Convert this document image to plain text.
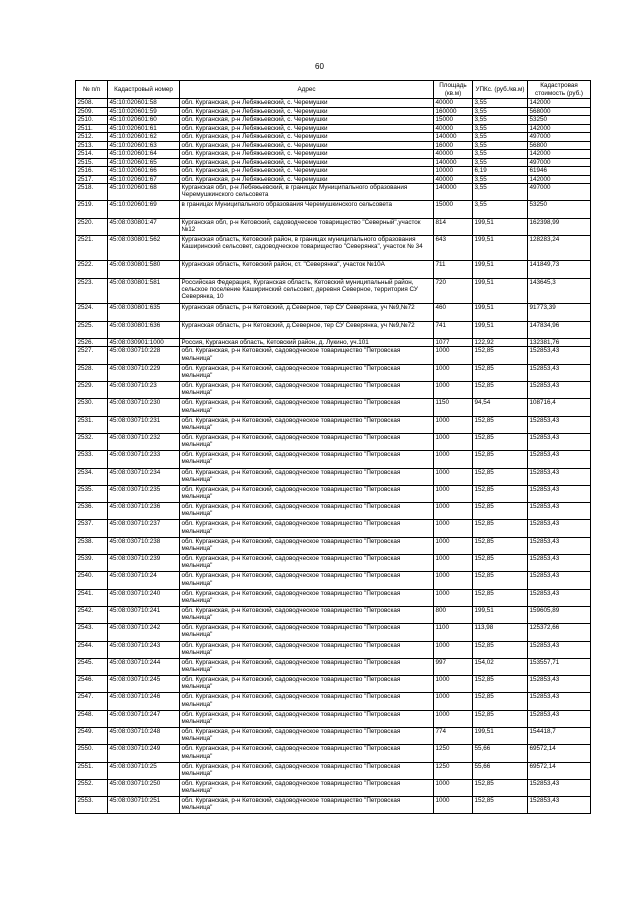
60
№ п/п	Кадастровый номер	Адрес	Площадь (кв.м)	УПКс. (руб./кв.м)	Кадастровая стоимость (руб.)
2508.	45:10:020601:58	обл. Курганская, р-н Лебяжьевский, с. Черемушки	40000	3,55	142000
2509.	45:10:020601:59	обл. Курганская, р-н Лебяжьевский, с. Черемушки	160000	3,55	568000
2510.	45:10:020601:60	обл. Курганская, р-н Лебяжьевский, с. Черемушки	15000	3,55	53250
2511.	45:10:020601:61	обл. Курганская, р-н Лебяжьевский, с. Черемушки	40000	3,55	142000
2512.	45:10:020601:62	обл. Курганская, р-н Лебяжьевский, с. Черемушки	140000	3,55	497000
2513.	45:10:020601:63	обл. Курганская, р-н Лебяжьевский, с. Черемушки	16000	3,55	56800
2514.	45:10:020601:64	обл. Курганская, р-н Лебяжьевский, с. Черемушки	40000	3,55	142000
2515.	45:10:020601:65	обл. Курганская, р-н Лебяжьевский, с. Черемушки	140000	3,55	497000
2516.	45:10:020601:66	обл. Курганская, р-н Лебяжьевский, с. Черемушки	10000	6,19	61946
2517.	45:10:020601:67	обл. Курганская, р-н Лебяжьевский, с. Черемушки	40000	3,55	142000
2518.	45:10:020601:68	Курганская обл, р-н Лебяжьевский, в границах Муниципального образования Черемушкинского сельсовета	140000	3,55	497000
2519.	45:10:020601:69	в границах Муниципального образования Черемушкинского сельсовета	15000	3,55	53250
2520.	45:08:030801:47	Курганская обл, р-н Кетовский, садоводческое товарищество "Северный",участок №12	814	199,51	162398,99
2521.	45:08:030801:562	Курганская область, Кетовский район, в границах муниципального образования Каширинский сельсовет, садоводческое товарищество "Северянка", участок № 34	643	199,51	128283,24
2522.	45:08:030801:580	Курганская область, Кетовский район, ст. "Северянка", участок №10А	711	199,51	141849,73
2523.	45:08:030801:581	Российская Федерация, Курганская область, Кетовский муниципальный район, сельское поселение Каширинский сельсовет, деревня Северное, территория СУ Северянка, 10	720	199,51	143645,3
2524.	45:08:030801:635	Курганская область, р-н Кетовский, д.Северное, тер СУ Северянка, уч №9,№72	460	199,51	91773,39
2525.	45:08:030801:636	Курганская область, р-н Кетовский, д.Северное, тер СУ Северянка, уч №9,№72	741	199,51	147834,96
2526.	45:08:030901:1000	Россия, Курганская область, Кетовский район, д. Лукино, уч.101	1077	122,92	132381,76
2527.	45:08:030710:228	обл. Курганская, р-н Кетовский, садоводческое товарищество "Петровская мельница"	1000	152,85	152853,43
2528.	45:08:030710:229	обл. Курганская, р-н Кетовский, садоводческое товарищество "Петровская мельница"	1000	152,85	152853,43
2529.	45:08:030710:23	обл. Курганская, р-н Кетовский, садоводческое товарищество "Петровская мельница"	1000	152,85	152853,43
2530.	45:08:030710:230	обл. Курганская, р-н Кетовский, садоводческое товарищество "Петровская мельница"	1150	94,54	108716,4
2531.	45:08:030710:231	обл. Курганская, р-н Кетовский, садоводческое товарищество "Петровская мельница"	1000	152,85	152853,43
2532.	45:08:030710:232	обл. Курганская, р-н Кетовский, садоводческое товарищество "Петровская мельница"	1000	152,85	152853,43
2533.	45:08:030710:233	обл. Курганская, р-н Кетовский, садоводческое товарищество "Петровская мельница"	1000	152,85	152853,43
2534.	45:08:030710:234	обл. Курганская, р-н Кетовский, садоводческое товарищество "Петровская мельница"	1000	152,85	152853,43
2535.	45:08:030710:235	обл. Курганская, р-н Кетовский, садоводческое товарищество "Петровская мельница"	1000	152,85	152853,43
2536.	45:08:030710:236	обл. Курганская, р-н Кетовский, садоводческое товарищество "Петровская мельница"	1000	152,85	152853,43
2537.	45:08:030710:237	обл. Курганская, р-н Кетовский, садоводческое товарищество "Петровская мельница"	1000	152,85	152853,43
2538.	45:08:030710:238	обл. Курганская, р-н Кетовский, садоводческое товарищество "Петровская мельница"	1000	152,85	152853,43
2539.	45:08:030710:239	обл. Курганская, р-н Кетовский, садоводческое товарищество "Петровская мельница"	1000	152,85	152853,43
2540.	45:08:030710:24	обл. Курганская, р-н Кетовский, садоводческое товарищество "Петровская мельница"	1000	152,85	152853,43
2541.	45:08:030710:240	обл. Курганская, р-н Кетовский, садоводческое товарищество "Петровская мельница"	1000	152,85	152853,43
2542.	45:08:030710:241	обл. Курганская, р-н Кетовский, садоводческое товарищество "Петровская мельница"	800	199,51	159605,89
2543.	45:08:030710:242	обл. Курганская, р-н Кетовский, садоводческое товарищество "Петровская мельница"	1100	113,98	125372,66
2544.	45:08:030710:243	обл. Курганская, р-н Кетовский, садоводческое товарищество "Петровская мельница"	1000	152,85	152853,43
2545.	45:08:030710:244	обл. Курганская, р-н Кетовский, садоводческое товарищество "Петровская мельница"	997	154,02	153557,71
2546.	45:08:030710:245	обл. Курганская, р-н Кетовский, садоводческое товарищество "Петровская мельница"	1000	152,85	152853,43
2547.	45:08:030710:246	обл. Курганская, р-н Кетовский, садоводческое товарищество "Петровская мельница"	1000	152,85	152853,43
2548.	45:08:030710:247	обл. Курганская, р-н Кетовский, садоводческое товарищество "Петровская мельница"	1000	152,85	152853,43
2549.	45:08:030710:248	обл. Курганская, р-н Кетовский, садоводческое товарищество "Петровская мельница"	774	199,51	154418,7
2550.	45:08:030710:249	обл. Курганская, р-н Кетовский, садоводческое товарищество "Петровская мельница"	1250	55,66	69572,14
2551.	45:08:030710:25	обл. Курганская, р-н Кетовский, садоводческое товарищество "Петровская мельница"	1250	55,66	69572,14
2552.	45:08:030710:250	обл. Курганская, р-н Кетовский, садоводческое товарищество "Петровская мельница"	1000	152,85	152853,43
2553.	45:08:030710:251	обл. Курганская, р-н Кетовский, садоводческое товарищество "Петровская мельница"	1000	152,85	152853,43
